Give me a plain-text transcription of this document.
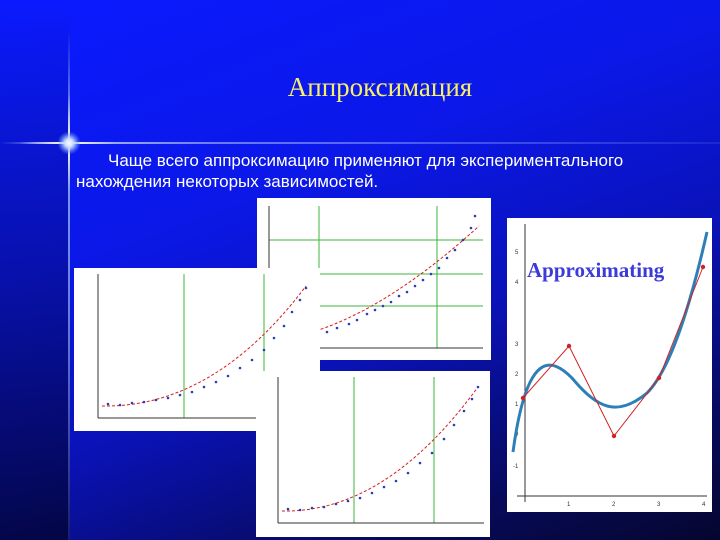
Аппроксимация
Чаще всего аппроксимацию применяют для экспериментального
нахождения некоторых зависимостей.
5
4
3
2
1
0
-1
1	2	3	4
Approximating
